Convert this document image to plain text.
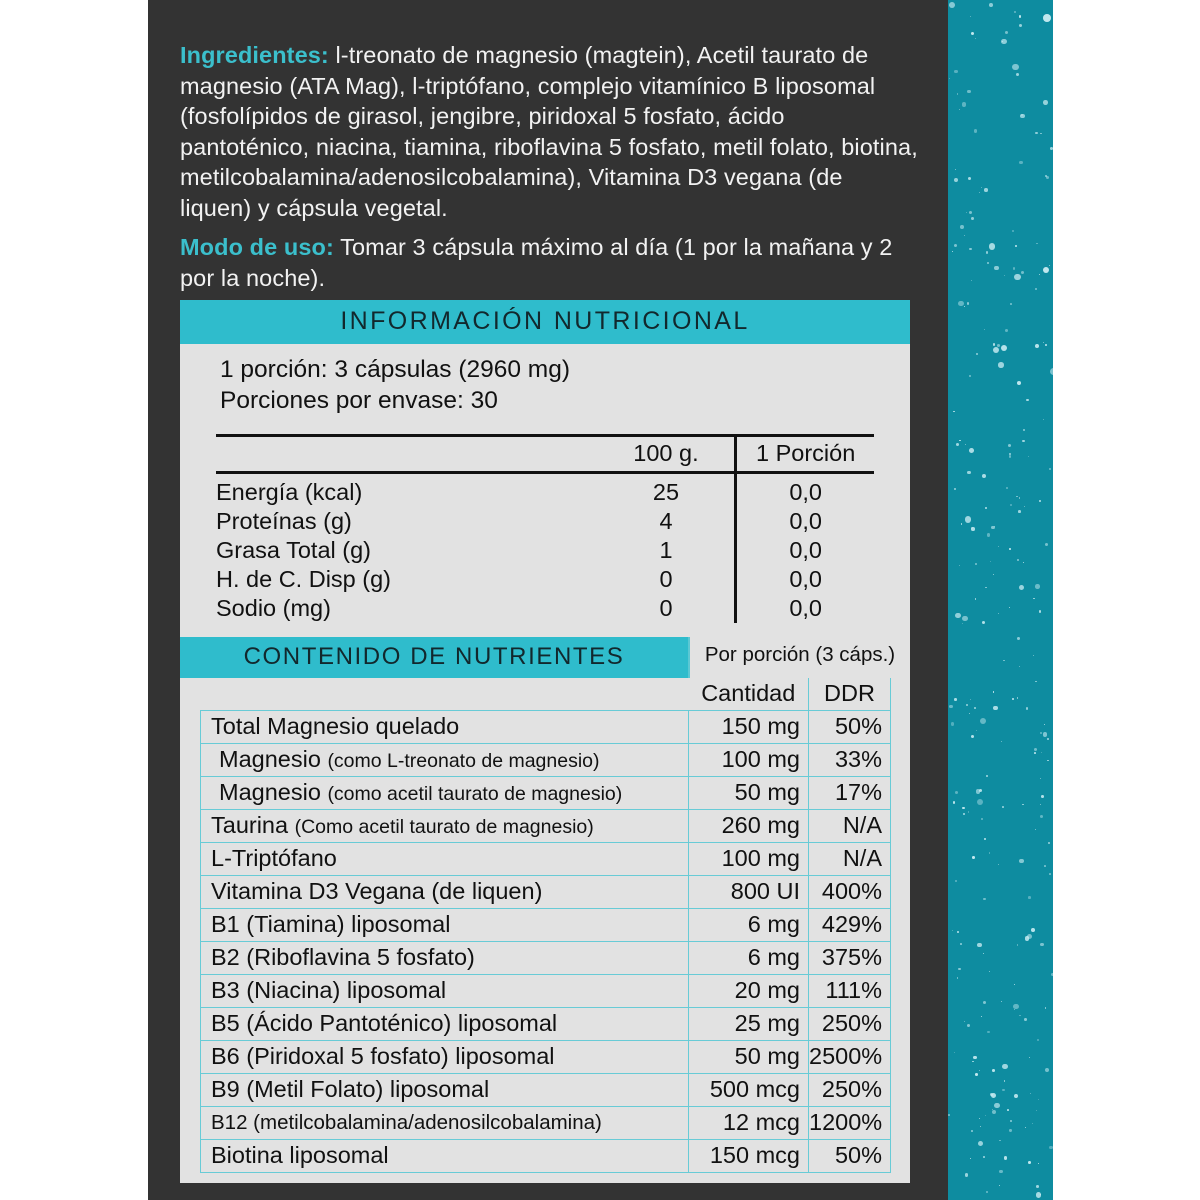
Ingredientes: l-treonato de magnesio (magtein), Acetil taurato de magnesio (ATA Mag), l-triptófano, complejo vitamínico B liposomal (fosfolípidos de girasol, jengibre, piridoxal 5 fosfato, ácido pantoténico, niacina, tiamina, riboflavina 5 fosfato, metil folato, biotina, metilcobalamina/adenosilcobalamina), Vitamina D3 vegana (de liquen) y cápsula vegetal.

Modo de uso: Tomar 3 cápsula máximo al día (1 por la mañana y 2 por la noche).

INFORMACIÓN NUTRICIONAL
1 porción: 3 cápsulas (2960 mg)
Porciones por envase: 30
	100 g.	1 Porción
Energía (kcal)	25	0,0
Proteínas (g)	4	0,0
Grasa Total (g)	1	0,0
H. de C. Disp (g)	0	0,0
Sodio (mg)	0	0,0
CONTENIDO DE NUTRIENTES	Por porción (3 cáps.)
	Cantidad	DDR
Total Magnesio quelado	150 mg	50%
Magnesio (como L-treonato de magnesio)	100 mg	33%
Magnesio (como acetil taurato de magnesio)	50 mg	17%
Taurina (Como acetil taurato de magnesio)	260 mg	N/A
L-Triptófano	100 mg	N/A
Vitamina D3 Vegana (de liquen)	800 UI	400%
B1 (Tiamina) liposomal	6 mg	429%
B2 (Riboflavina 5 fosfato)	6 mg	375%
B3 (Niacina) liposomal	20 mg	111%
B5 (Ácido Pantoténico) liposomal	25 mg	250%
B6 (Piridoxal 5 fosfato) liposomal	50 mg	2500%
B9 (Metil Folato) liposomal	500 mcg	250%
B12 (metilcobalamina/adenosilcobalamina)	12 mcg	1200%
Biotina liposomal	150 mcg	50%
